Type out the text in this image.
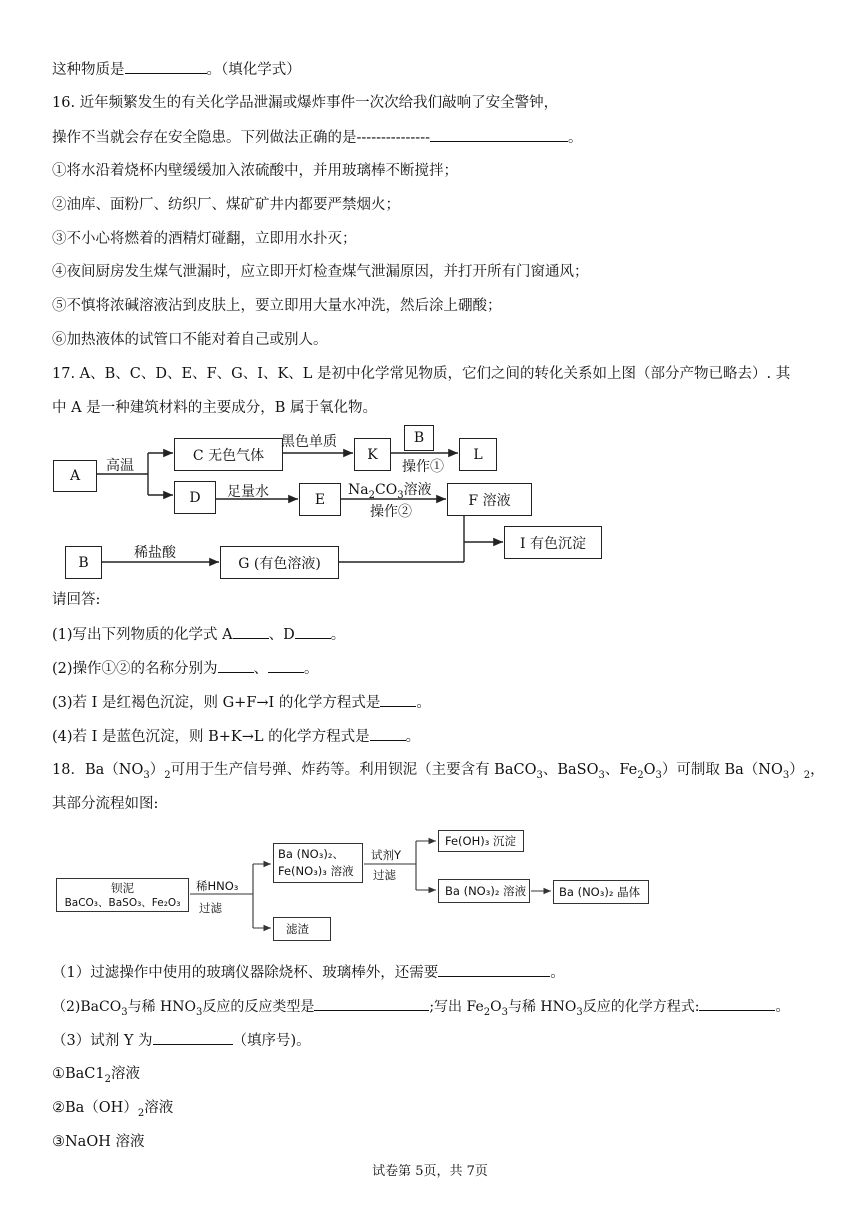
这种物质是	。（填化学式）
16. 近年频繁发生的有关化学品泄漏或爆炸事件一次次给我们敲响了安全警钟，
操作不当就会存在安全隐患。下列做法正确的是---------------	。
①将水沿着烧杯内壁缓缓加入浓硫酸中，并用玻璃棒不断搅拌；
②油库、面粉厂、纺织厂、煤矿矿井内都要严禁烟火；
③不小心将燃着的酒精灯碰翻，立即用水扑灭；
④夜间厨房发生煤气泄漏时，应立即开灯检查煤气泄漏原因，并打开所有门窗通风；
⑤不慎将浓碱溶液沾到皮肤上，要立即用大量水冲洗，然后涂上硼酸；
⑥加热液体的试管口不能对着自己或别人。
17. A、B、C、D、E、F、G、I、K、L 是初中化学常见物质，它们之间的转化关系如上图（部分产物已略去）. 其
中 A 是一种建筑材料的主要成分，B 属于氧化物。
A
高温
C 无色气体
黑色单质
K
B
操作①
L
D	足量水	E
$Na_2CO_3$溶液
操作②
F 溶液
B
稀盐酸
G (有色溶液)
I 有色沉淀
请回答:
(1)写出下列物质的化学式 A 、D 。
(2)操作①②的名称分别为 、 。
(3)若 I 是红褐色沉淀，则 G+F→I 的化学方程式是 。
(4)若 I 是蓝色沉淀，则 B+K→L 的化学方程式是 。
18．$Ba(NO_3)_2$可用于生产信号弹、炸药等。利用钡泥（主要含有 BaCO$_3$、BaSO$_3$、$Fe_2O_3$）可制取 $Ba(NO_3)_2$，
其部分流程如图:
钡泥
BaCO₃、BaSO₃、Fe₂O₃
稀HNO₃
过滤
Ba (NO₃)₂、
Fe(NO₃)₃ 溶液
试剂Y
过滤
Fe(OH)₃ 沉淀
Ba (NO₃)₂ 溶液	Ba (NO₃)₂ 晶体
滤渣
（1）过滤操作中使用的玻璃仪器除烧杯、玻璃棒外，还需要	。
（2)BaCO$_3$与稀 $HNO_3$反应的反应类型是	;写出 $Fe_2O_3$与稀 $HNO_3$反应的化学方程式:	。
（3）试剂 Y 为	（填序号)。
$①BaC1_2$溶液
$②Ba(OH)_2$溶液
③NaOH 溶液
试卷第 5页，共 7页
